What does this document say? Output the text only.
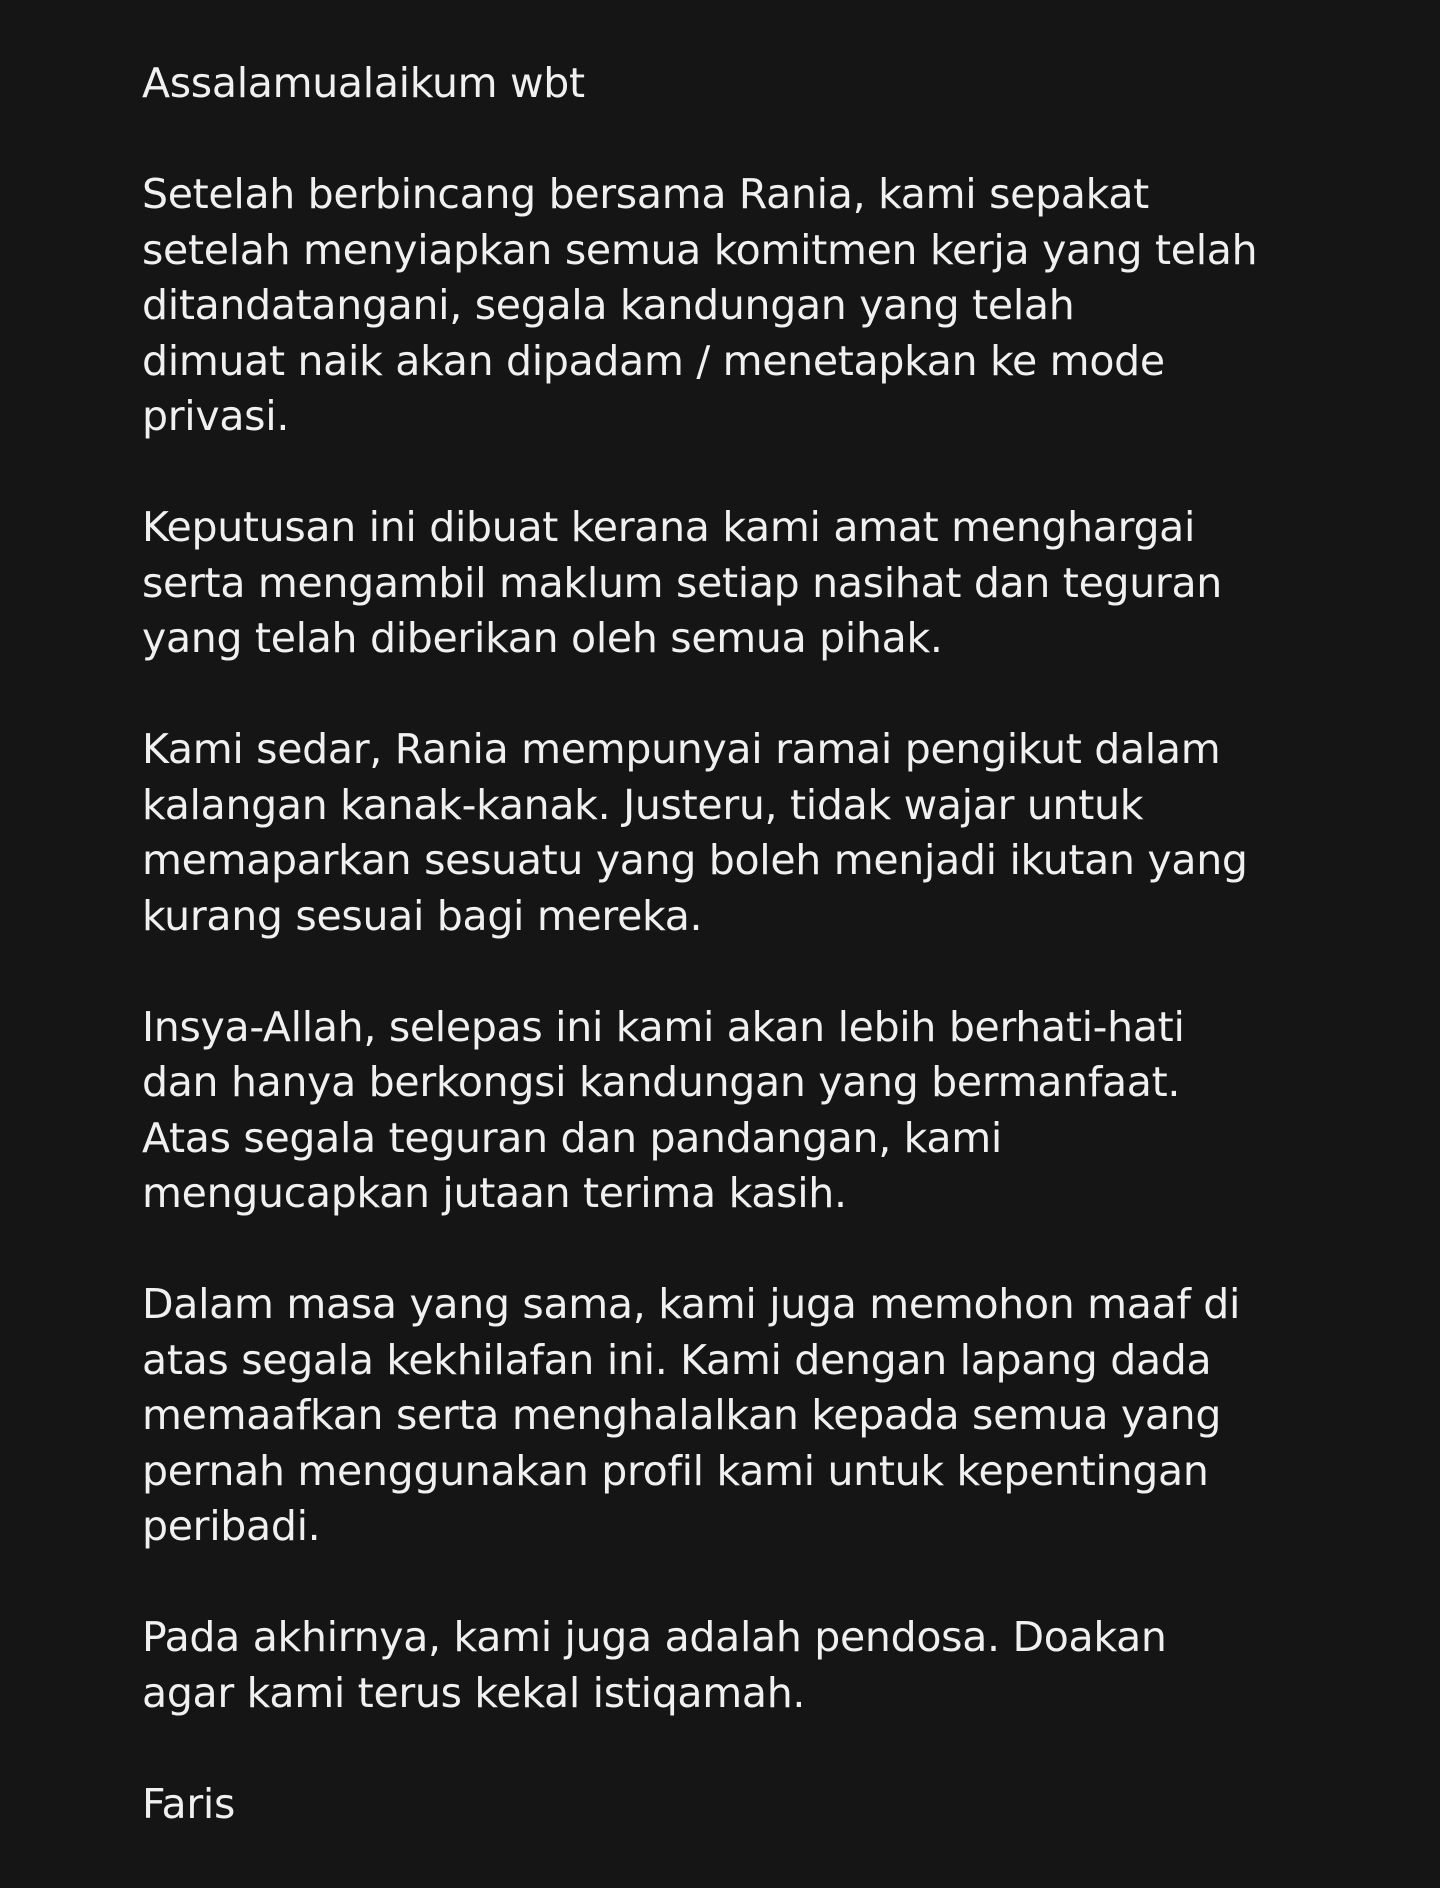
Assalamualaikum wbt
Setelah berbincang bersama Rania, kami sepakat
setelah menyiapkan semua komitmen kerja yang telah
ditandatangani, segala kandungan yang telah
dimuat naik akan dipadam / menetapkan ke mode
privasi.
Keputusan ini dibuat kerana kami amat menghargai
serta mengambil maklum setiap nasihat dan teguran
yang telah diberikan oleh semua pihak.
Kami sedar, Rania mempunyai ramai pengikut dalam
kalangan kanak-kanak. Justeru, tidak wajar untuk
memaparkan sesuatu yang boleh menjadi ikutan yang
kurang sesuai bagi mereka.
Insya-Allah, selepas ini kami akan lebih berhati-hati
dan hanya berkongsi kandungan yang bermanfaat.
Atas segala teguran dan pandangan, kami
mengucapkan jutaan terima kasih.
Dalam masa yang sama, kami juga memohon maaf di
atas segala kekhilafan ini. Kami dengan lapang dada
memaafkan serta menghalalkan kepada semua yang
pernah menggunakan profil kami untuk kepentingan
peribadi.
Pada akhirnya, kami juga adalah pendosa. Doakan
agar kami terus kekal istiqamah.
Faris
